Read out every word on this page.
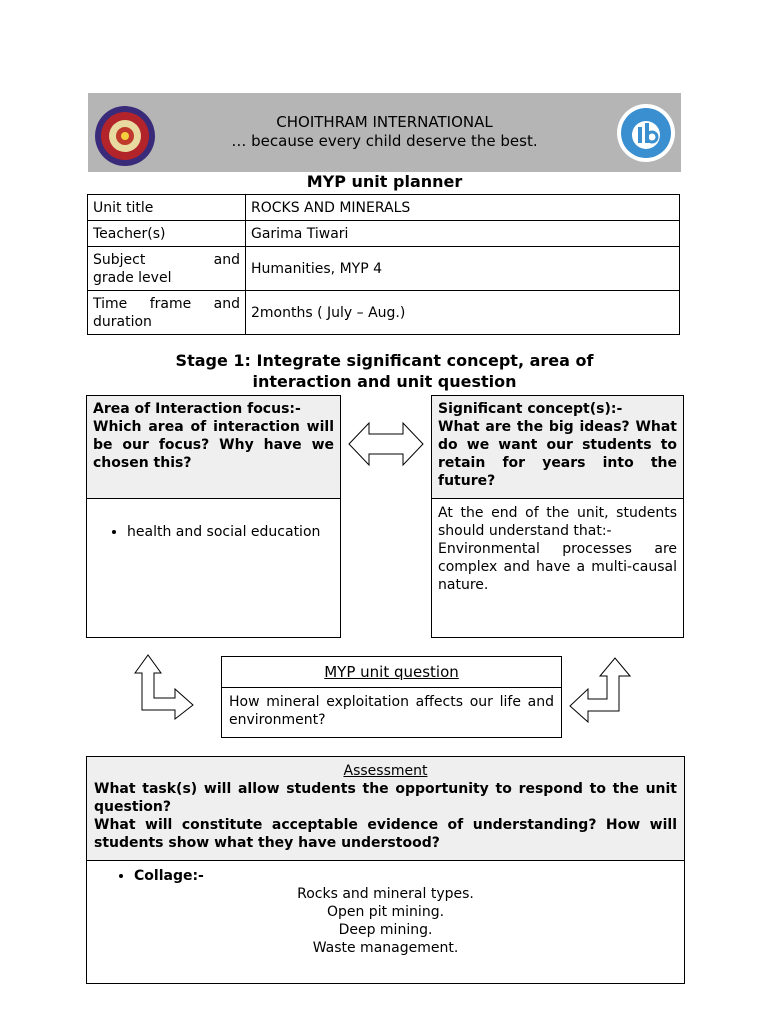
CHOITHRAM INTERNATIONAL
… because every child deserve the best.
MYP unit planner
Unit title	ROCKS AND MINERALS
Teacher(s)	Garima Tiwari

Subject and
grade level	Humanities, MYP 4

Time frame and
duration	2months ( July – Aug.)
Stage 1: Integrate significant concept, area of
interaction and unit question
Area of Interaction focus:-
Which area of interaction will be our focus? Why have we chosen this?
• health and social education
Significant concept(s):-
What are the big ideas? What do we want our students to retain for years into the future?
At the end of the unit, students should understand that:-
Environmental processes are complex and have a multi-causal nature.
MYP unit question
How mineral exploitation affects our life and environment?
Assessment
What task(s) will allow students the opportunity to respond to the unit question?
What will constitute acceptable evidence of understanding? How will students show what they have understood?
• Collage:-
Rocks and mineral types.
Open pit mining.
Deep mining.
Waste management.
